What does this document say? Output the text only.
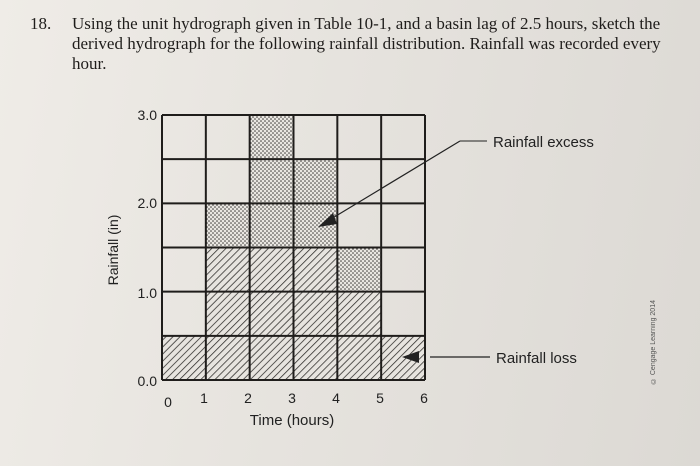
18. Using the unit hydrograph given in Table 10-1, and a basin lag of 2.5 hours, sketch the derived hydrograph for the following rainfall distribution. Rainfall was recorded every hour.
3.0
2.0
1.0
0.0
0 1	2	3	4	5	6
Time (hours)
Rainfall (in)
Rainfall excess
Rainfall loss	© Cengage Learning 2014
